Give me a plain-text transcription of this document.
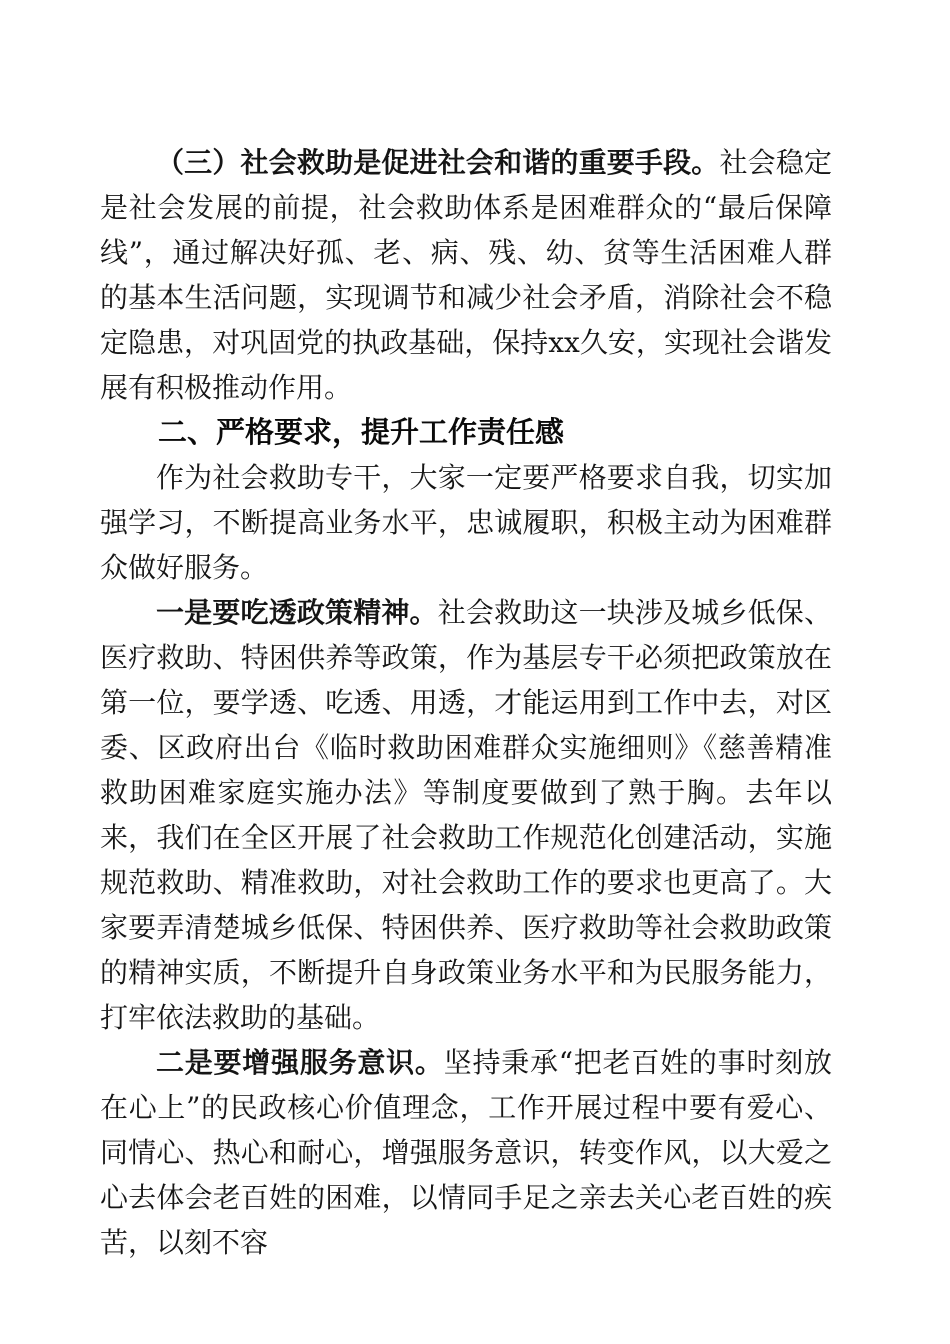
（三）社会救助是促进社会和谐的重要手段。社会稳定是社会发展的前提，社会救助体系是困难群众的“最后保障线”，通过解决好孤、老、病、残、幼、贫等生活困难人群的基本生活问题，实现调节和减少社会矛盾，消除社会不稳定隐患，对巩固党的执政基础，保持xx久安，实现社会谐发展有积极推动作用。

二、严格要求，提升工作责任感

作为社会救助专干，大家一定要严格要求自我，切实加强学习，不断提高业务水平，忠诚履职，积极主动为困难群众做好服务。

一是要吃透政策精神。社会救助这一块涉及城乡低保、医疗救助、特困供养等政策，作为基层专干必须把政策放在第一位，要学透、吃透、用透，才能运用到工作中去，对区委、区政府出台《临时救助困难群众实施细则》《慈善精准救助困难家庭实施办法》等制度要做到了熟于胸。去年以来，我们在全区开展了社会救助工作规范化创建活动，实施规范救助、精准救助，对社会救助工作的要求也更高了。大家要弄清楚城乡低保、特困供养、医疗救助等社会救助政策的精神实质，不断提升自身政策业务水平和为民服务能力，打牢依法救助的基础。

二是要增强服务意识。坚持秉承“把老百姓的事时刻放在心上”的民政核心价值理念，工作开展过程中要有爱心、同情心、热心和耐心，增强服务意识，转变作风，以大爱之心去体会老百姓的困难，以情同手足之亲去关心老百姓的疾苦，以刻不容
